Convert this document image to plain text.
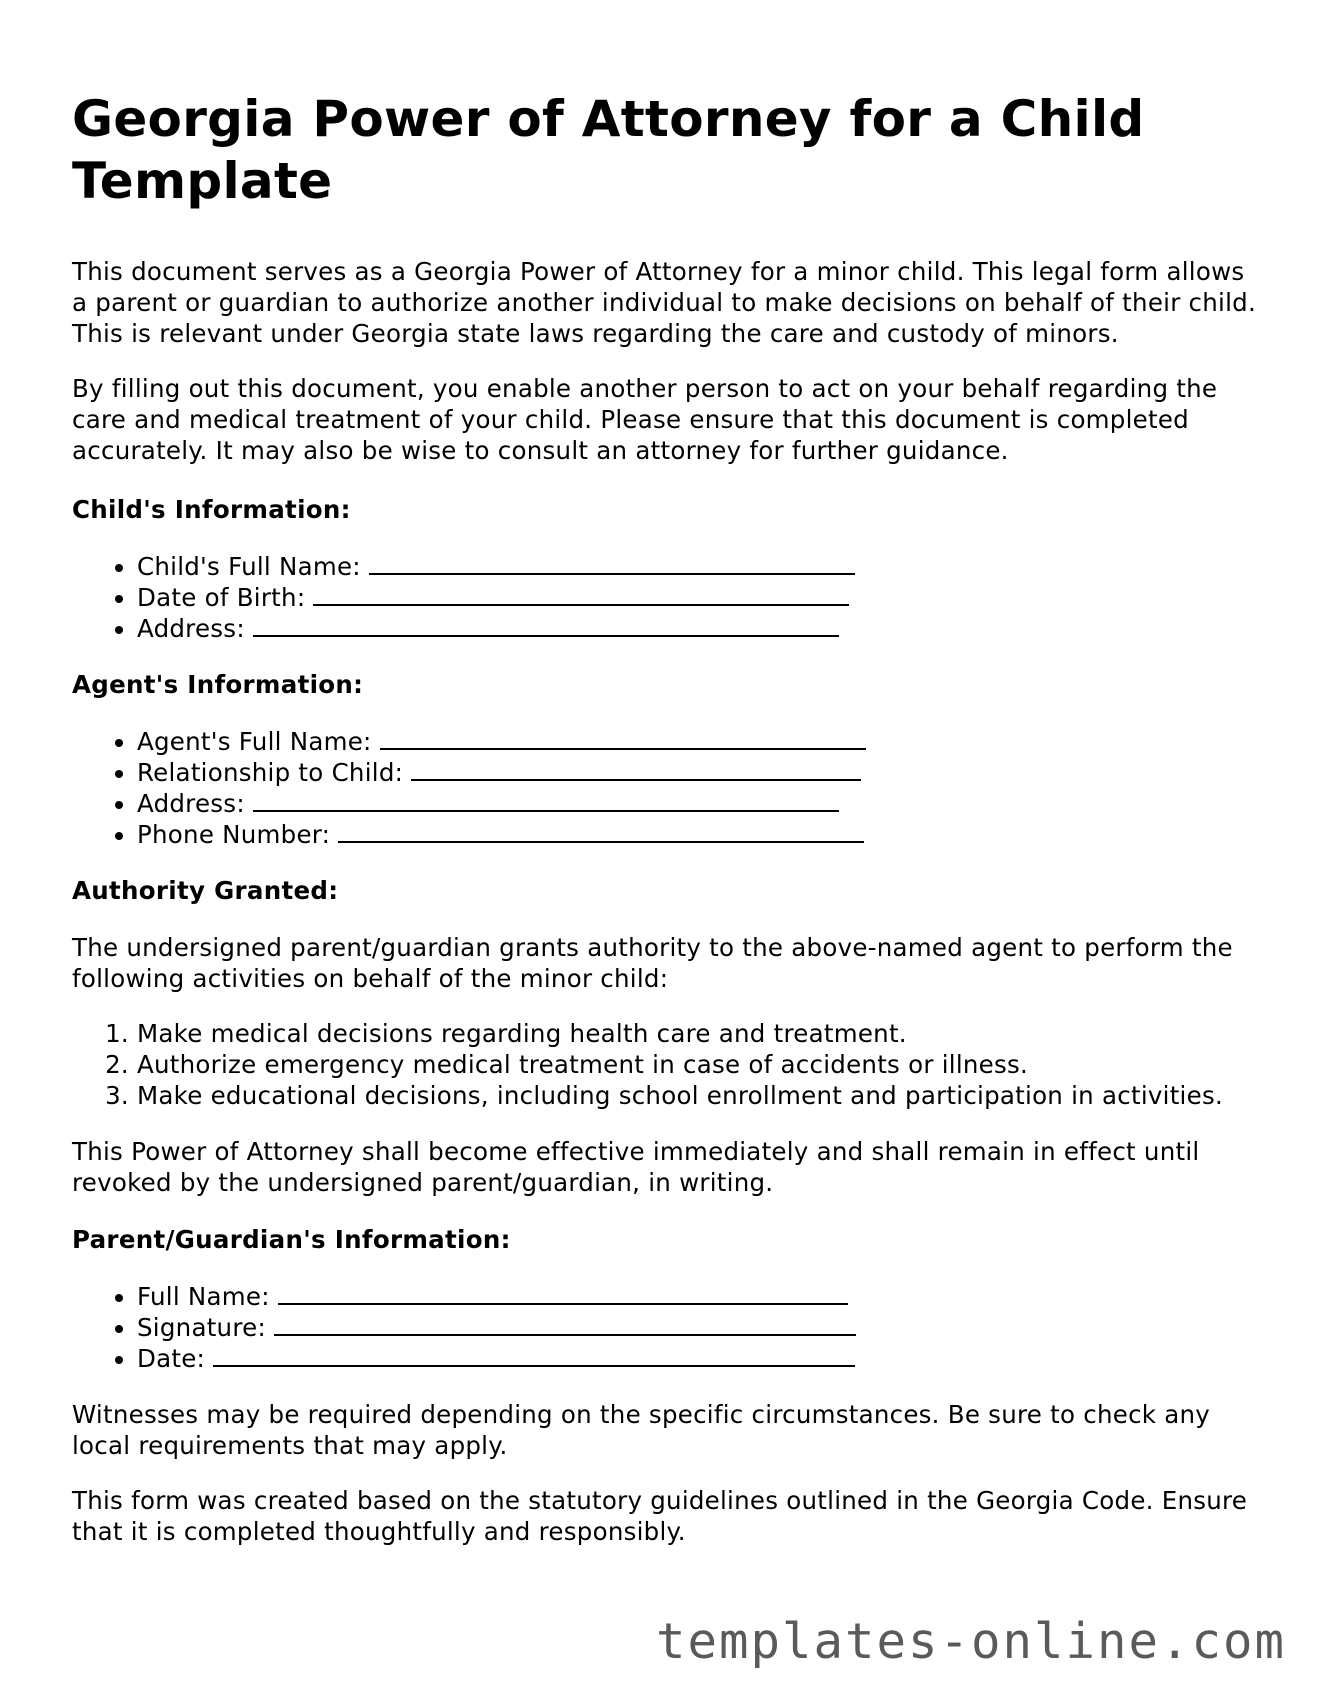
Georgia Power of Attorney for a Child Template

This document serves as a Georgia Power of Attorney for a minor child. This legal form allows a parent or guardian to authorize another individual to make decisions on behalf of their child. This is relevant under Georgia state laws regarding the care and custody of minors.

By filling out this document, you enable another person to act on your behalf regarding the care and medical treatment of your child. Please ensure that this document is completed accurately. It may also be wise to consult an attorney for further guidance.

Child's Information:
• Child's Full Name:
• Date of Birth:
• Address:
Agent's Information:
• Agent's Full Name:
• Relationship to Child:
• Address:
• Phone Number:
Authority Granted:

The undersigned parent/guardian grants authority to the above-named agent to perform the following activities on behalf of the minor child:

1. Make medical decisions regarding health care and treatment.
2. Authorize emergency medical treatment in case of accidents or illness.
3. Make educational decisions, including school enrollment and participation in activities.

This Power of Attorney shall become effective immediately and shall remain in effect until revoked by the undersigned parent/guardian, in writing.

Parent/Guardian's Information:
• Full Name:
• Signature:
• Date:

Witnesses may be required depending on the specific circumstances. Be sure to check any local requirements that may apply.

This form was created based on the statutory guidelines outlined in the Georgia Code. Ensure that it is completed thoughtfully and responsibly.

templates-online.com
